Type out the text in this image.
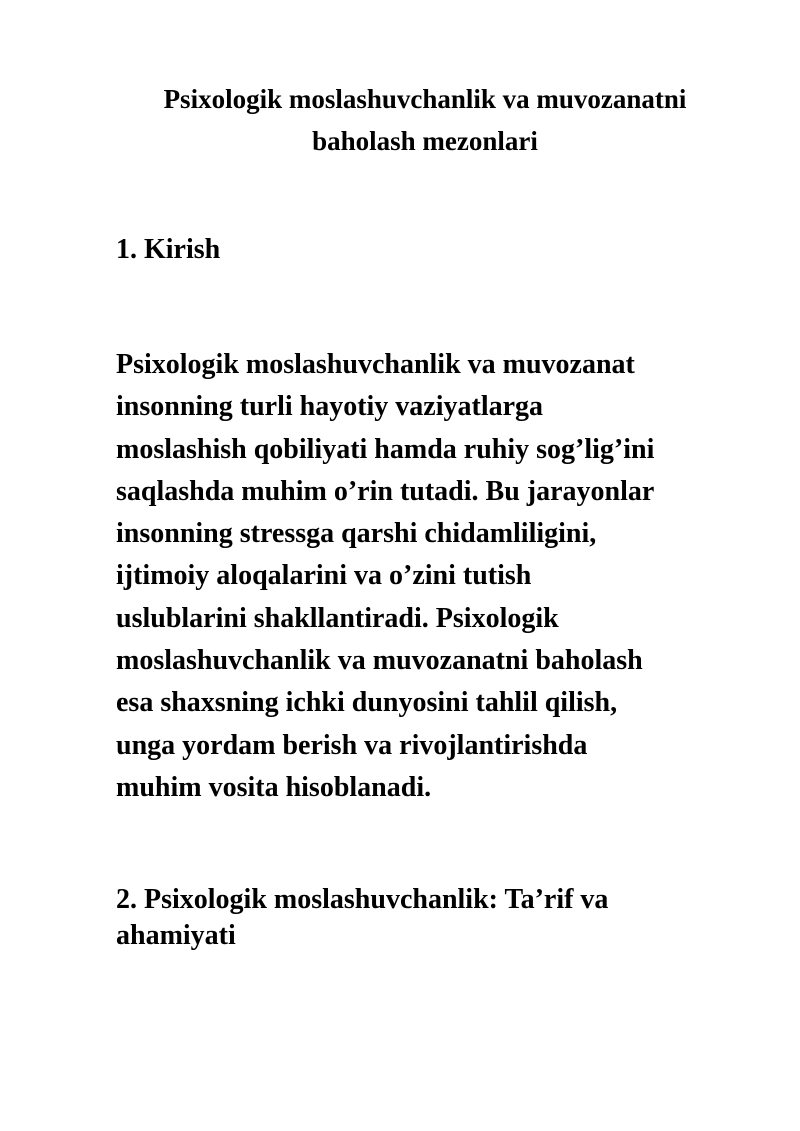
Psixologik moslashuvchanlik va muvozanatni
baholash mezonlari
1. Kirish

Psixologik moslashuvchanlik va muvozanat
insonning turli hayotiy vaziyatlarga
moslashish qobiliyati hamda ruhiy sog’lig’ini
saqlashda muhim o’rin tutadi. Bu jarayonlar
insonning stressga qarshi chidamliligini,
ijtimoiy aloqalarini va o’zini tutish
uslublarini shakllantiradi. Psixologik
moslashuvchanlik va muvozanatni baholash
esa shaxsning ichki dunyosini tahlil qilish,
unga yordam berish va rivojlantirishda
muhim vosita hisoblanadi.

2. Psixologik moslashuvchanlik: Ta’rif va
ahamiyati
